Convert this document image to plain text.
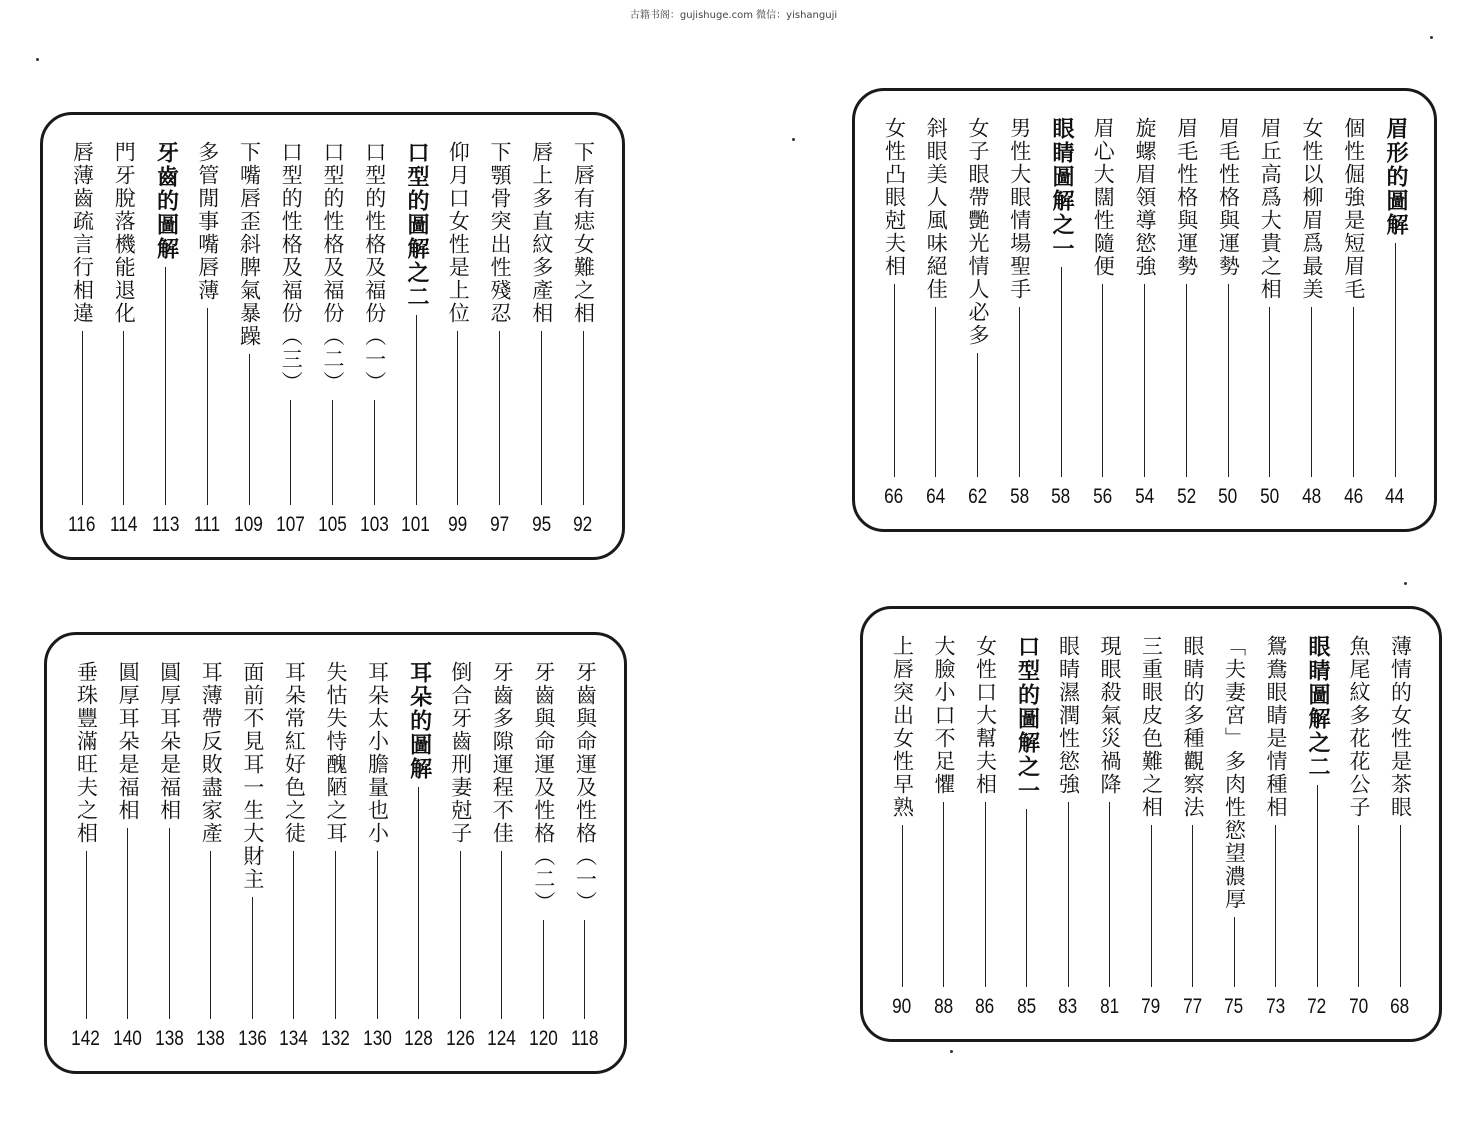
古籍书阁：gujishuge.com 微信：yishanguji
下唇有痣女難之相
92
唇上多直紋多產相
95
下顎骨突出性殘忍
97
仰月口女性是上位
99
口型的圖解之二
101
口型的性格及福份（一）
103
口型的性格及福份（二）
105
口型的性格及福份（三）
107
下嘴唇歪斜脾氣暴躁
109
多管閒事嘴唇薄
111
牙齒的圖解
113
門牙脫落機能退化
114
唇薄齒疏言行相違
116
眉形的圖解
44
個性倔強是短眉毛
46
女性以柳眉爲最美
48
眉丘高爲大貴之相
50
眉毛性格與運勢
50
眉毛性格與運勢
52
旋螺眉領導慾強
54
眉心大闊性隨便
56
眼睛圖解之一
58
男性大眼情場聖手
58
女子眼帶艷光情人必多
62
斜眼美人風味絕佳
64
女性凸眼尅夫相
66
牙齒與命運及性格（一）
118
牙齒與命運及性格（二）
120
牙齒多隙運程不佳
124
倒合牙齒刑妻尅子
126
耳朵的圖解
128
耳朵太小膽量也小
130
失怙失恃醜陋之耳
132
耳朵常紅好色之徒
134
面前不見耳一生大財主
136
耳薄帶反敗盡家產
138
圓厚耳朵是福相
138
圓厚耳朵是福相
140
垂珠豐滿旺夫之相
142
薄情的女性是茶眼
68
魚尾紋多花花公子
70
眼睛圖解之二
72
鴛鴦眼睛是情種相
73
「夫妻宮」多肉性慾望濃厚
75
眼睛的多種觀察法
77
三重眼皮色難之相
79
現眼殺氣災禍降
81
眼睛濕潤性慾強
83
口型的圖解之一
85
女性口大幫夫相
86
大臉小口不足懼
88
上唇突出女性早熟
90
